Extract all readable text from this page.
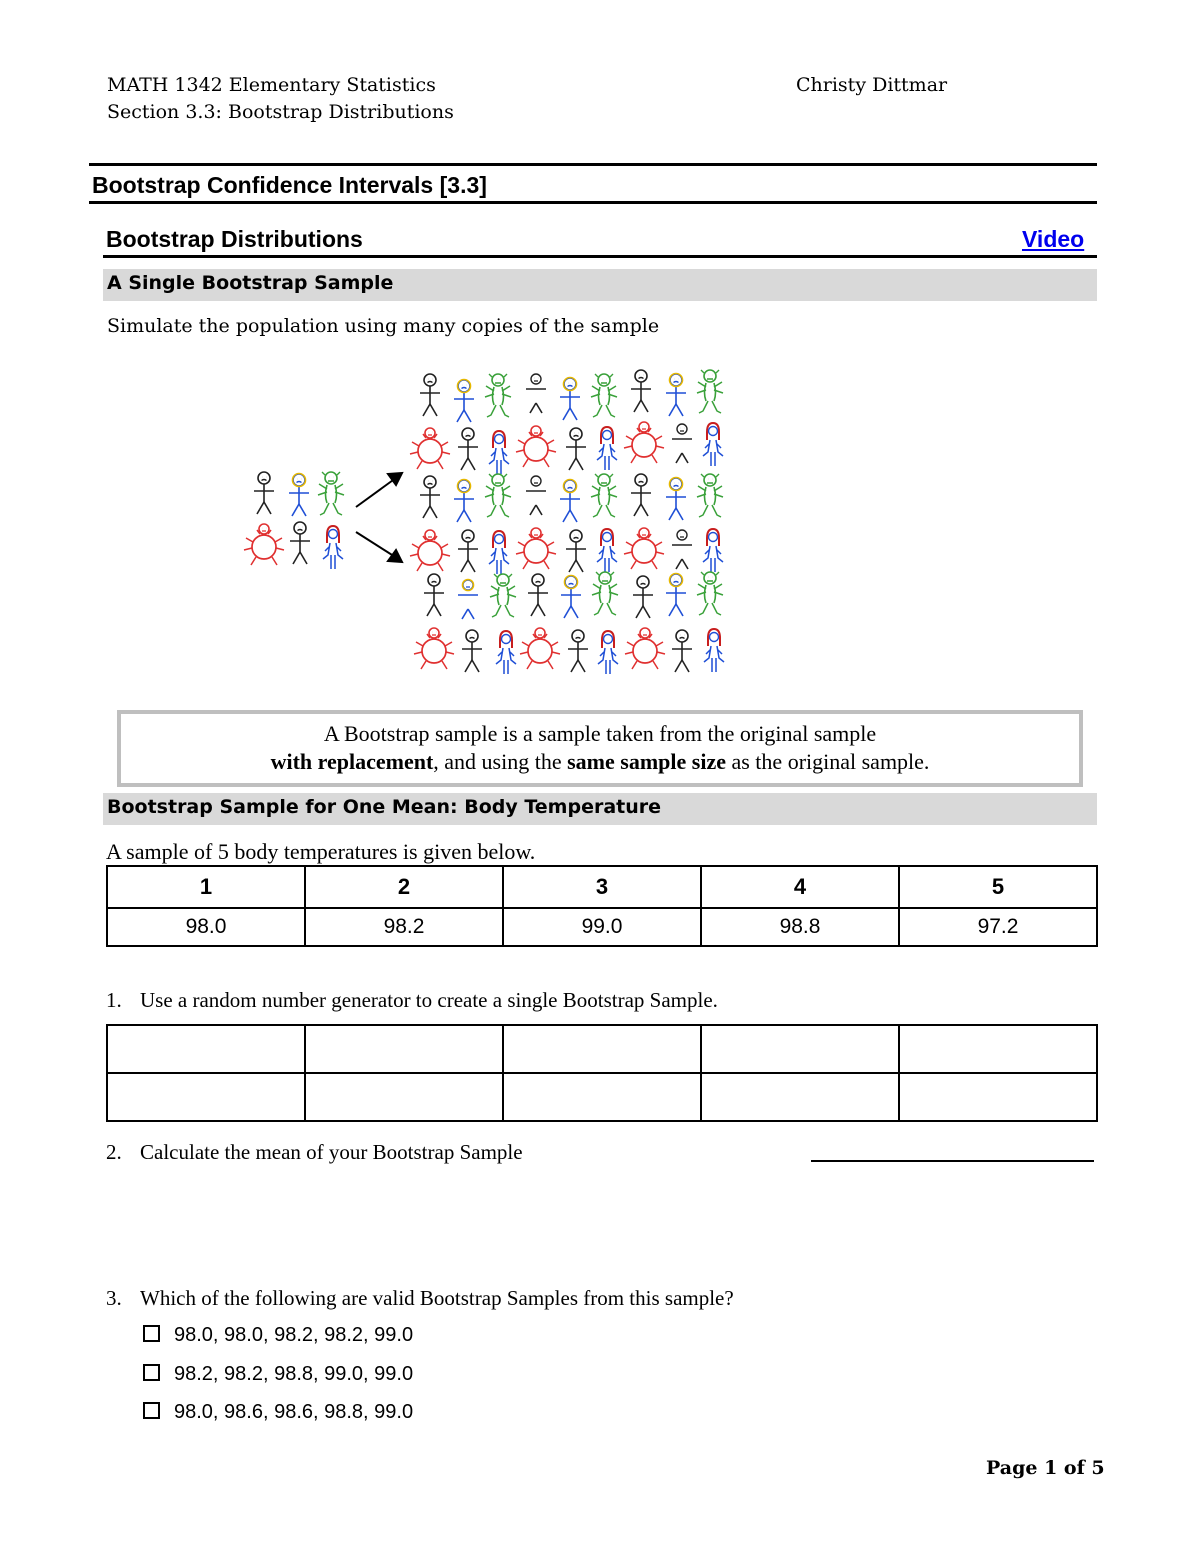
MATH 1342 Elementary Statistics
Section 3.3: Bootstrap Distributions
Christy Dittmar
Bootstrap Confidence Intervals [3.3]
Bootstrap Distributions	Video
A Single Bootstrap Sample
Simulate the population using many copies of the sample
A Bootstrap sample is a sample taken from the original sample
with replacement, and using the same sample size as the original sample.
Bootstrap Sample for One Mean: Body Temperature
A sample of 5 body temperatures is given below.
1	2	3	4	5
98.0	98.2	99.0	98.8	97.2
1. Use a random number generator to create a single Bootstrap Sample.

2. Calculate the mean of your Bootstrap Sample
3. Which of the following are valid Bootstrap Samples from this sample?
98.0, 98.0, 98.2, 98.2, 99.0
98.2, 98.2, 98.8, 99.0, 99.0
98.0, 98.6, 98.6, 98.8, 99.0
Page 1 of 5
